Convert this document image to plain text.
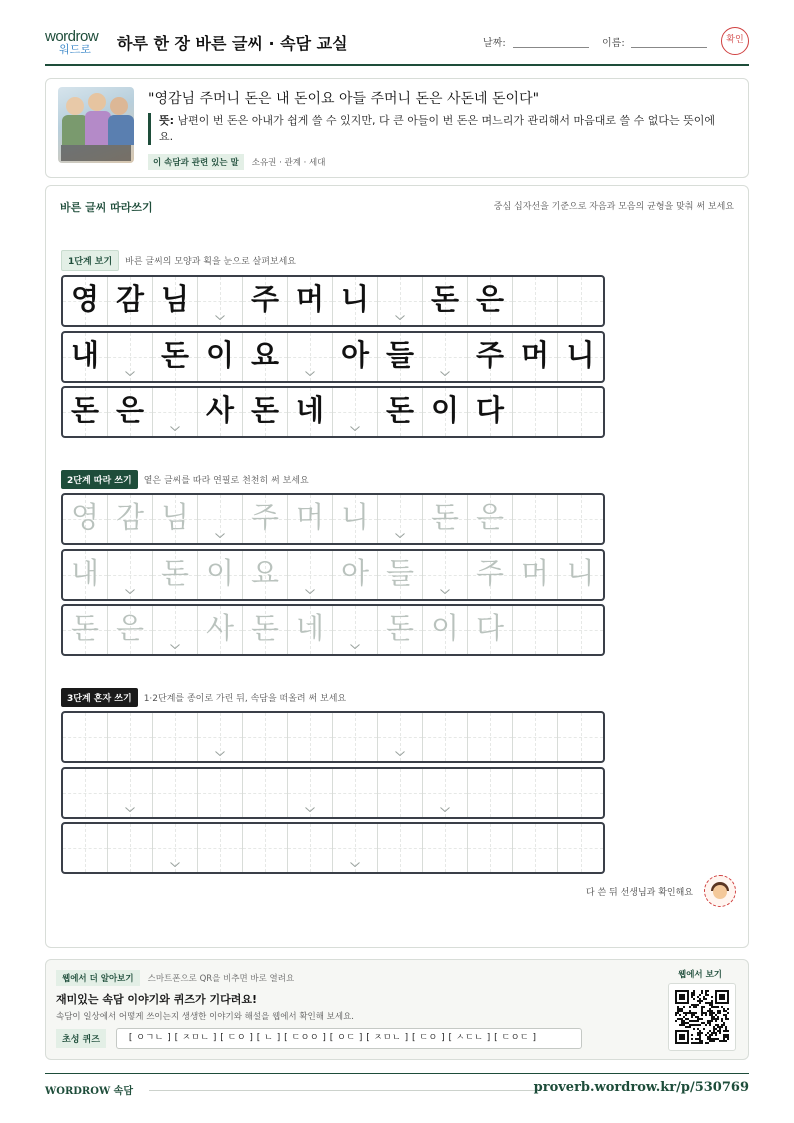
wordrow
워드로 하루 한 장 바른 글씨 · 속담 교실	날짜:	이름:	확인
"영감님 주머니 돈은 내 돈이요 아들 주머니 돈은 사돈네 돈이다"
뜻: 남편이 번 돈은 아내가 쉽게 쓸 수 있지만, 다 큰 아들이 번 돈은 며느리가 관리해서 마음대로 쓸 수 없다는 뜻이에요.
이 속담과 관련 있는 말	소유권 · 관계 · 세대
바른 글씨 따라쓰기	중심 십자선을 기준으로 자음과 모음의 균형을 맞춰 써 보세요
1단계 보기	바른 글씨의 모양과 획을 눈으로 살펴보세요
영 감 님 주 머 니 돈 은
내 돈 이 요 아 들 주 머 니
돈 은 사 돈 네 돈 이 다
2단계 따라 쓰기	옅은 글씨를 따라 연필로 천천히 써 보세요
영 감 님 주 머 니 돈 은
내 돈 이 요 아 들 주 머 니
돈 은 사 돈 네 돈 이 다
3단계 혼자 쓰기	1·2단계를 종이로 가린 뒤, 속담을 떠올려 써 보세요
다 쓴 뒤 선생님과 확인해요
웹에서 더 알아보기	스마트폰으로 QR을 비추면 바로 열려요
재미있는 속담 이야기와 퀴즈가 기다려요!
속담이 일상에서 어떻게 쓰이는지 생생한 이야기와 해설을 웹에서 확인해 보세요.
초성 퀴즈	[ ㅇㄱㄴ ] [ ㅈㅁㄴ ] [ ㄷㅇ ] [ ㄴ ] [ ㄷㅇㅇ ] [ ㅇㄷ ] [ ㅈㅁㄴ ] [ ㄷㅇ ] [ ㅅㄷㄴ ] [ ㄷㅇㄷ ]
웹에서 보기
WORDROW 속담	proverb.wordrow.kr/p/530769
